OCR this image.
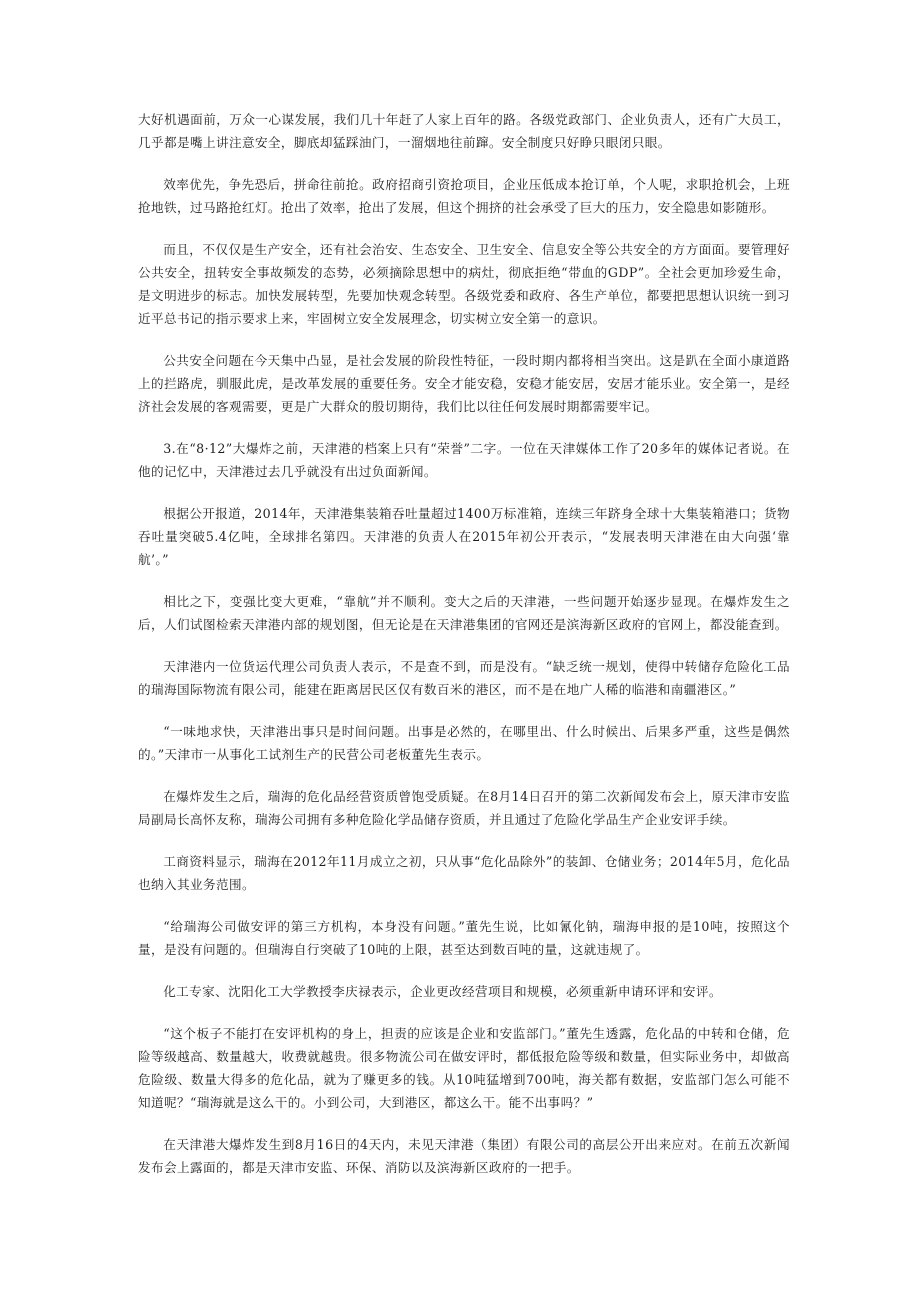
大好机遇面前，万众一心谋发展，我们几十年赶了人家上百年的路。各级党政部门、企业负责人，还有广大员工，几乎都是嘴上讲注意安全，脚底却猛踩油门，一溜烟地往前蹿。安全制度只好睁只眼闭只眼。

效率优先，争先恐后，拼命往前抢。政府招商引资抢项目，企业压低成本抢订单，个人呢，求职抢机会，上班抢地铁，过马路抢红灯。抢出了效率，抢出了发展，但这个拥挤的社会承受了巨大的压力，安全隐患如影随形。

而且，不仅仅是生产安全，还有社会治安、生态安全、卫生安全、信息安全等公共安全的方方面面。要管理好公共安全，扭转安全事故频发的态势，必须摘除思想中的病灶，彻底拒绝“带血的GDP”。全社会更加珍爱生命，是文明进步的标志。加快发展转型，先要加快观念转型。各级党委和政府、各生产单位，都要把思想认识统一到习近平总书记的指示要求上来，牢固树立安全发展理念，切实树立安全第一的意识。

公共安全问题在今天集中凸显，是社会发展的阶段性特征，一段时期内都将相当突出。这是趴在全面小康道路上的拦路虎，驯服此虎，是改革发展的重要任务。安全才能安稳，安稳才能安居，安居才能乐业。安全第一，是经济社会发展的客观需要，更是广大群众的殷切期待，我们比以往任何发展时期都需要牢记。

3.在“8·12”大爆炸之前，天津港的档案上只有“荣誉”二字。一位在天津媒体工作了20多年的媒体记者说。在他的记忆中，天津港过去几乎就没有出过负面新闻。

根据公开报道，2014年，天津港集装箱吞吐量超过1400万标准箱，连续三年跻身全球十大集装箱港口；货物吞吐量突破5.4亿吨，全球排名第四。天津港的负责人在2015年初公开表示，“发展表明天津港在由大向强‘靠航’。”

相比之下，变强比变大更难，“靠航”并不顺利。变大之后的天津港，一些问题开始逐步显现。在爆炸发生之后，人们试图检索天津港内部的规划图，但无论是在天津港集团的官网还是滨海新区政府的官网上，都没能查到。

天津港内一位货运代理公司负责人表示，不是查不到，而是没有。“缺乏统一规划，使得中转储存危险化工品的瑞海国际物流有限公司，能建在距离居民区仅有数百米的港区，而不是在地广人稀的临港和南疆港区。”

“一味地求快，天津港出事只是时间问题。出事是必然的，在哪里出、什么时候出、后果多严重，这些是偶然的。”天津市一从事化工试剂生产的民营公司老板董先生表示。

在爆炸发生之后，瑞海的危化品经营资质曾饱受质疑。在8月14日召开的第二次新闻发布会上，原天津市安监局副局长高怀友称，瑞海公司拥有多种危险化学品储存资质，并且通过了危险化学品生产企业安评手续。

工商资料显示，瑞海在2012年11月成立之初，只从事“危化品除外”的装卸、仓储业务；2014年5月，危化品也纳入其业务范围。

“给瑞海公司做安评的第三方机构，本身没有问题。”董先生说，比如氰化钠，瑞海申报的是10吨，按照这个量，是没有问题的。但瑞海自行突破了10吨的上限，甚至达到数百吨的量，这就违规了。

化工专家、沈阳化工大学教授李庆禄表示，企业更改经营项目和规模，必须重新申请环评和安评。

“这个板子不能打在安评机构的身上，担责的应该是企业和安监部门。”董先生透露，危化品的中转和仓储，危险等级越高、数量越大，收费就越贵。很多物流公司在做安评时，都低报危险等级和数量，但实际业务中，却做高危险级、数量大得多的危化品，就为了赚更多的钱。从10吨猛增到700吨，海关都有数据，安监部门怎么可能不知道呢？“瑞海就是这么干的。小到公司，大到港区，都这么干。能不出事吗？”

在天津港大爆炸发生到8月16日的4天内，未见天津港（集团）有限公司的高层公开出来应对。在前五次新闻发布会上露面的，都是天津市安监、环保、消防以及滨海新区政府的一把手。
